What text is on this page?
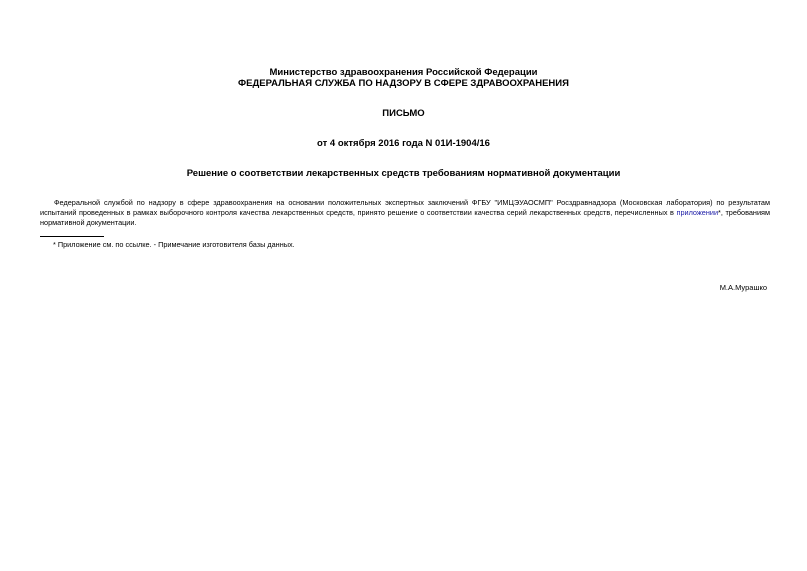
Министерство здравоохранения Российской Федерации
ФЕДЕРАЛЬНАЯ СЛУЖБА ПО НАДЗОРУ В СФЕРЕ ЗДРАВООХРАНЕНИЯ
ПИСЬМО
от 4 октября 2016 года N 01И-1904/16
Решение о соответствии лекарственных средств требованиям нормативной документации
Федеральной службой по надзору в сфере здравоохранения на основании положительных экспертных заключений ФГБУ "ИМЦЭУАОСМП" Росздравнадзора (Московская лаборатория) по результатам испытаний проведенных в рамках выборочного контроля качества лекарственных средств, принято решение о соответствии качества серий лекарственных средств, перечисленных в приложении*, требованиям нормативной документации.
* Приложение см. по ссылке. - Примечание изготовителя базы данных.
М.А.Мурашко
